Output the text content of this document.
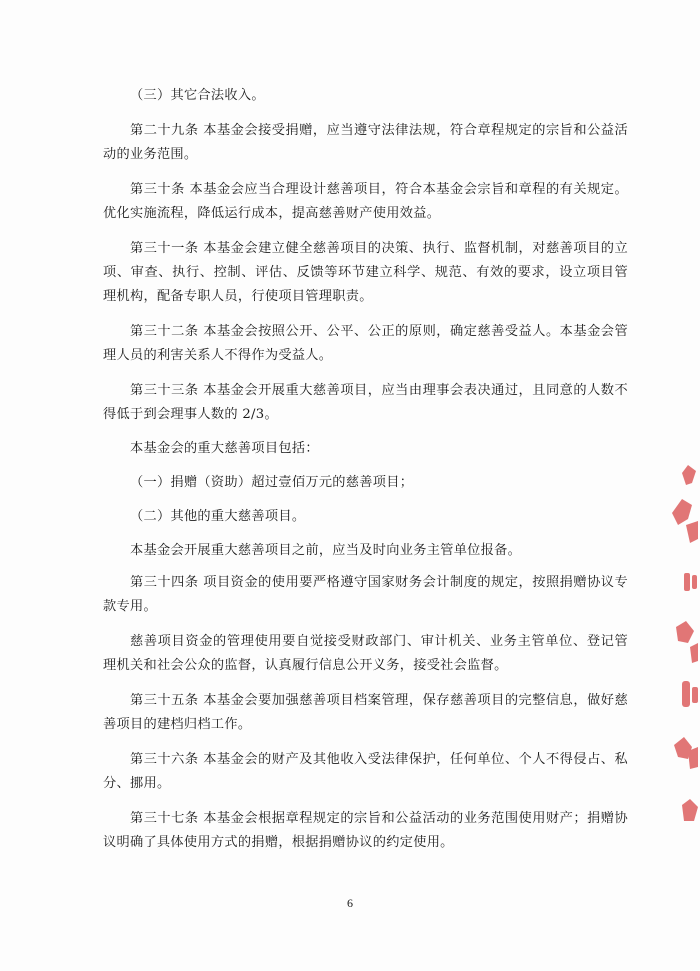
（三）其它合法收入。

第二十九条 本基金会接受捐赠，应当遵守法律法规，符合章程规定的宗旨和公益活动的业务范围。

第三十条 本基金会应当合理设计慈善项目，符合本基金会宗旨和章程的有关规定。优化实施流程，降低运行成本，提高慈善财产使用效益。

第三十一条 本基金会建立健全慈善项目的决策、执行、监督机制，对慈善项目的立项、审查、执行、控制、评估、反馈等环节建立科学、规范、有效的要求，设立项目管理机构，配备专职人员，行使项目管理职责。

第三十二条 本基金会按照公开、公平、公正的原则，确定慈善受益人。本基金会管理人员的利害关系人不得作为受益人。

第三十三条 本基金会开展重大慈善项目，应当由理事会表决通过，且同意的人数不得低于到会理事人数的 2/3。

本基金会的重大慈善项目包括：

（一）捐赠（资助）超过壹佰万元的慈善项目；

（二）其他的重大慈善项目。

本基金会开展重大慈善项目之前，应当及时向业务主管单位报备。

第三十四条 项目资金的使用要严格遵守国家财务会计制度的规定，按照捐赠协议专款专用。

慈善项目资金的管理使用要自觉接受财政部门、审计机关、业务主管单位、登记管理机关和社会公众的监督，认真履行信息公开义务，接受社会监督。

第三十五条 本基金会要加强慈善项目档案管理，保存慈善项目的完整信息，做好慈善项目的建档归档工作。

第三十六条 本基金会的财产及其他收入受法律保护，任何单位、个人不得侵占、私分、挪用。

第三十七条 本基金会根据章程规定的宗旨和公益活动的业务范围使用财产；捐赠协议明确了具体使用方式的捐赠，根据捐赠协议的约定使用。

6
